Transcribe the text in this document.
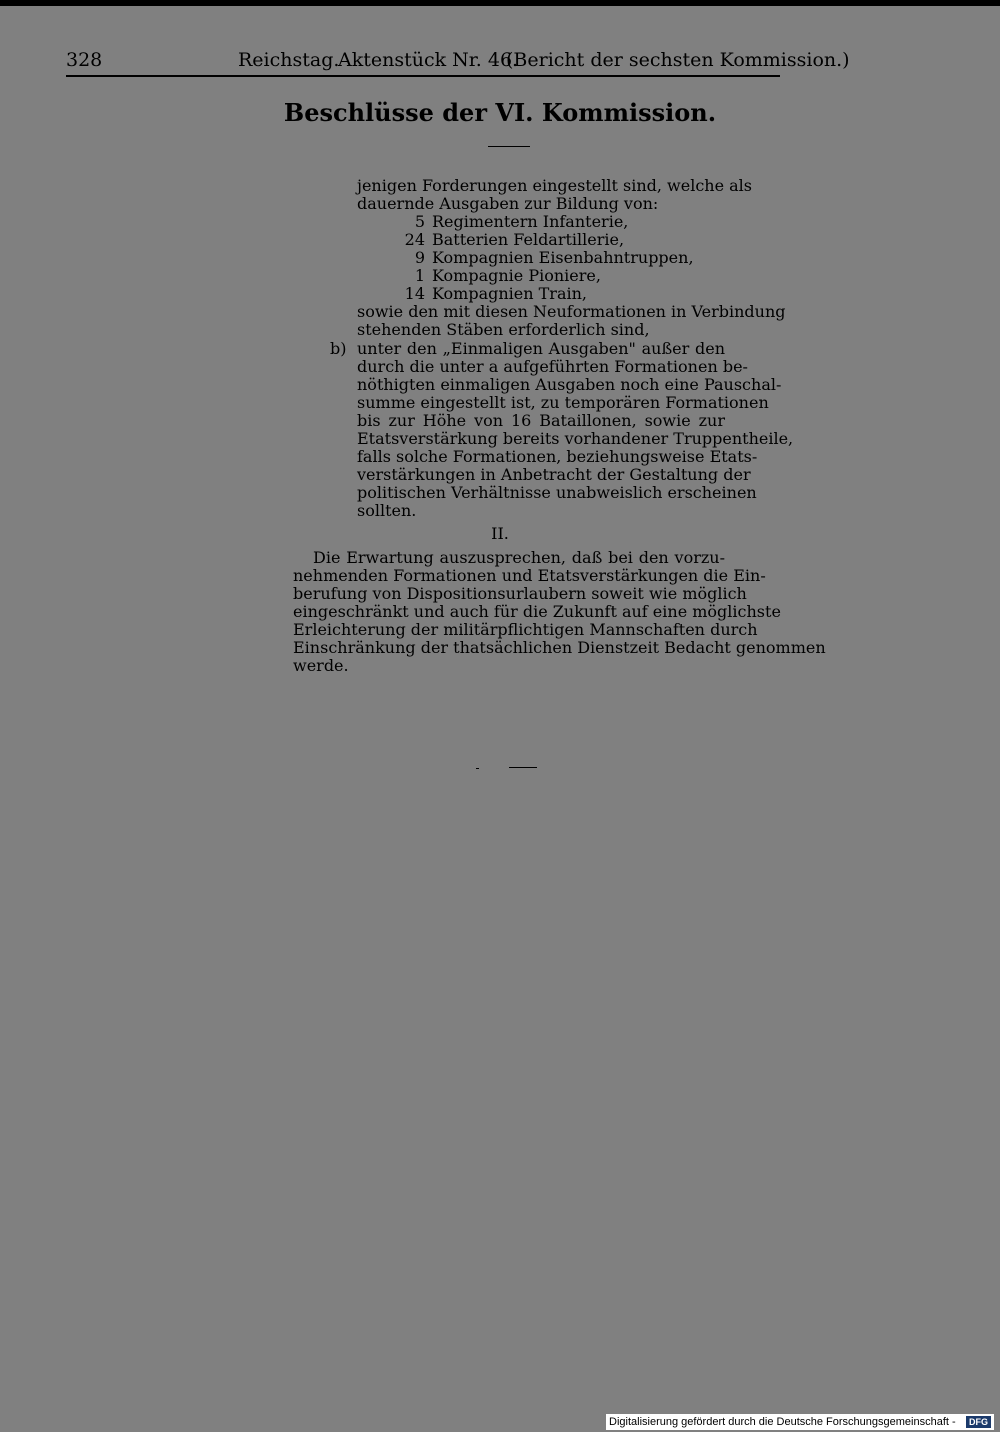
328	Reichstag.
Aktenstück Nr. 46.
(Bericht der sechsten Kommission.)
Beschlüsse der VI. Kommission.
jenigen Forderungen eingestellt sind, welche als
dauernde Ausgaben zur Bildung von:
5 Regimentern Infanterie,
24 Batterien Feldartillerie,
9 Kompagnien Eisenbahntruppen,
1 Kompagnie Pioniere,
14 Kompagnien Train,
sowie den mit diesen Neuformationen in Verbindung
stehenden Stäben erforderlich sind,
b) unter den „Einmaligen Ausgaben" außer den
durch die unter a aufgeführten Formationen be-
nöthigten einmaligen Ausgaben noch eine Pauschal-
summe eingestellt ist, zu temporären Formationen
bis zur Höhe von 16 Bataillonen, sowie zur
Etatsverstärkung bereits vorhandener Truppentheile,
falls solche Formationen, beziehungsweise Etats-
verstärkungen in Anbetracht der Gestaltung der
politischen Verhältnisse unabweislich erscheinen
sollten.
II.
Die Erwartung auszusprechen, daß bei den vorzu-
nehmenden Formationen und Etatsverstärkungen die Ein-
berufung von Dispositionsurlaubern soweit wie möglich
eingeschränkt und auch für die Zukunft auf eine möglichste
Erleichterung der militärpflichtigen Mannschaften durch
Einschränkung der thatsächlichen Dienstzeit Bedacht genommen
werde.
Digitalisierung gefördert durch die Deutsche Forschungsgemeinschaft -	DFG
